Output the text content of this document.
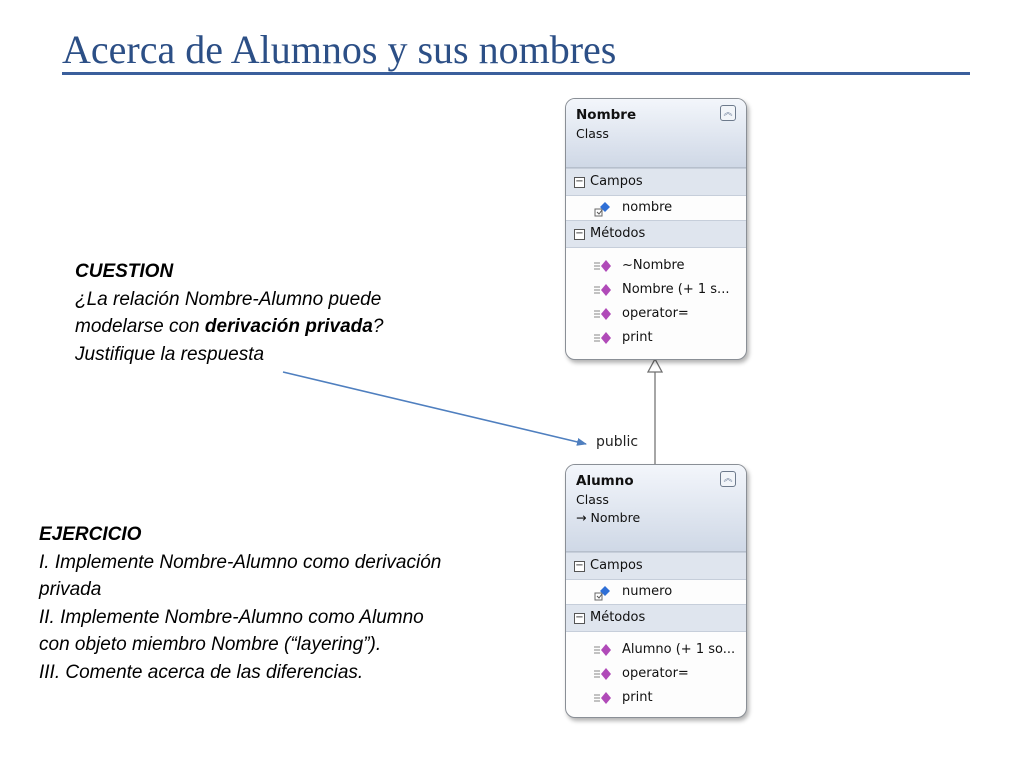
Acerca de Alumnos y sus nombres
public
Nombre
Class
︽
− Campos
nombre
− Métodos
~Nombre
Nombre (+ 1 s...
operator=
print
Alumno
Class
→ Nombre
︽
− Campos
numero
− Métodos
Alumno (+ 1 so...
operator=
print
CUESTION
¿La relación Nombre-Alumno puede
modelarse con derivación privada?
Justifique la respuesta
EJERCICIO
I. Implemente Nombre-Alumno como derivación
privada
II. Implemente Nombre-Alumno como Alumno
con objeto miembro Nombre (“layering”).
III. Comente acerca de las diferencias.
